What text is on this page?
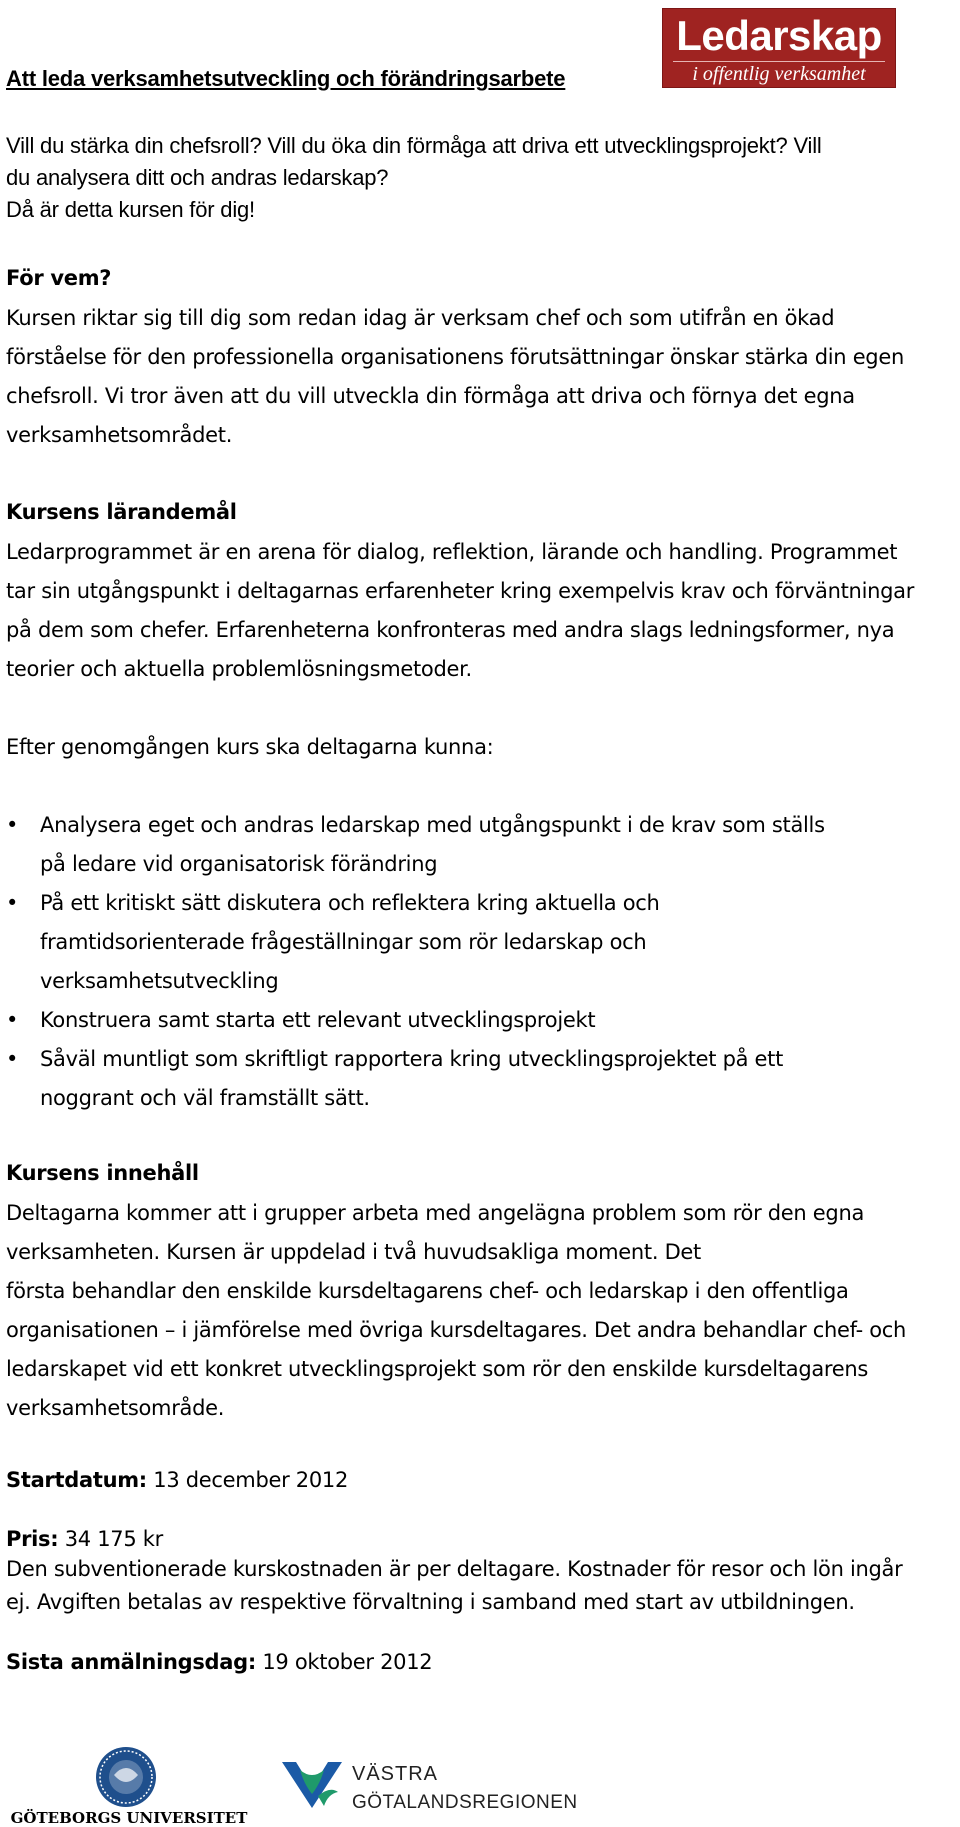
Ledarskap
i offentlig verksamhet
Att leda verksamhetsutveckling och förändringsarbete
Vill du stärka din chefsroll? Vill du öka din förmåga att driva ett utvecklingsprojekt? Vill
du analysera ditt och andras ledarskap?
Då är detta kursen för dig!
För vem?
Kursen riktar sig till dig som redan idag är verksam chef och som utifrån en ökad
förståelse för den professionella organisationens förutsättningar önskar stärka din egen
chefsroll. Vi tror även att du vill utveckla din förmåga att driva och förnya det egna
verksamhetsområdet.
Kursens lärandemål
Ledarprogrammet är en arena för dialog, reflektion, lärande och handling. Programmet
tar sin utgångspunkt i deltagarnas erfarenheter kring exempelvis krav och förväntningar
på dem som chefer. Erfarenheterna konfronteras med andra slags ledningsformer, nya
teorier och aktuella problemlösningsmetoder.
Efter genomgången kurs ska deltagarna kunna:
• Analysera eget och andras ledarskap med utgångspunkt i de krav som ställs
på ledare vid organisatorisk förändring
• På ett kritiskt sätt diskutera och reflektera kring aktuella och
framtidsorienterade frågeställningar som rör ledarskap och
verksamhetsutveckling
• Konstruera samt starta ett relevant utvecklingsprojekt
• Såväl muntligt som skriftligt rapportera kring utvecklingsprojektet på ett
noggrant och väl framställt sätt.
Kursens innehåll
Deltagarna kommer att i grupper arbeta med angelägna problem som rör den egna
verksamheten. Kursen är uppdelad i två huvudsakliga moment. Det
första behandlar den enskilde kursdeltagarens chef- och ledarskap i den offentliga
organisationen – i jämförelse med övriga kursdeltagares. Det andra behandlar chef- och
ledarskapet vid ett konkret utvecklingsprojekt som rör den enskilde kursdeltagarens
verksamhetsområde.
Startdatum: 13 december 2012
Pris: 34 175 kr
Den subventionerade kurskostnaden är per deltagare. Kostnader för resor och lön ingår
ej. Avgiften betalas av respektive förvaltning i samband med start av utbildningen.
Sista anmälningsdag: 19 oktober 2012
GÖTEBORGS UNIVERSITET
VÄSTRA
GÖTALANDSREGIONEN
